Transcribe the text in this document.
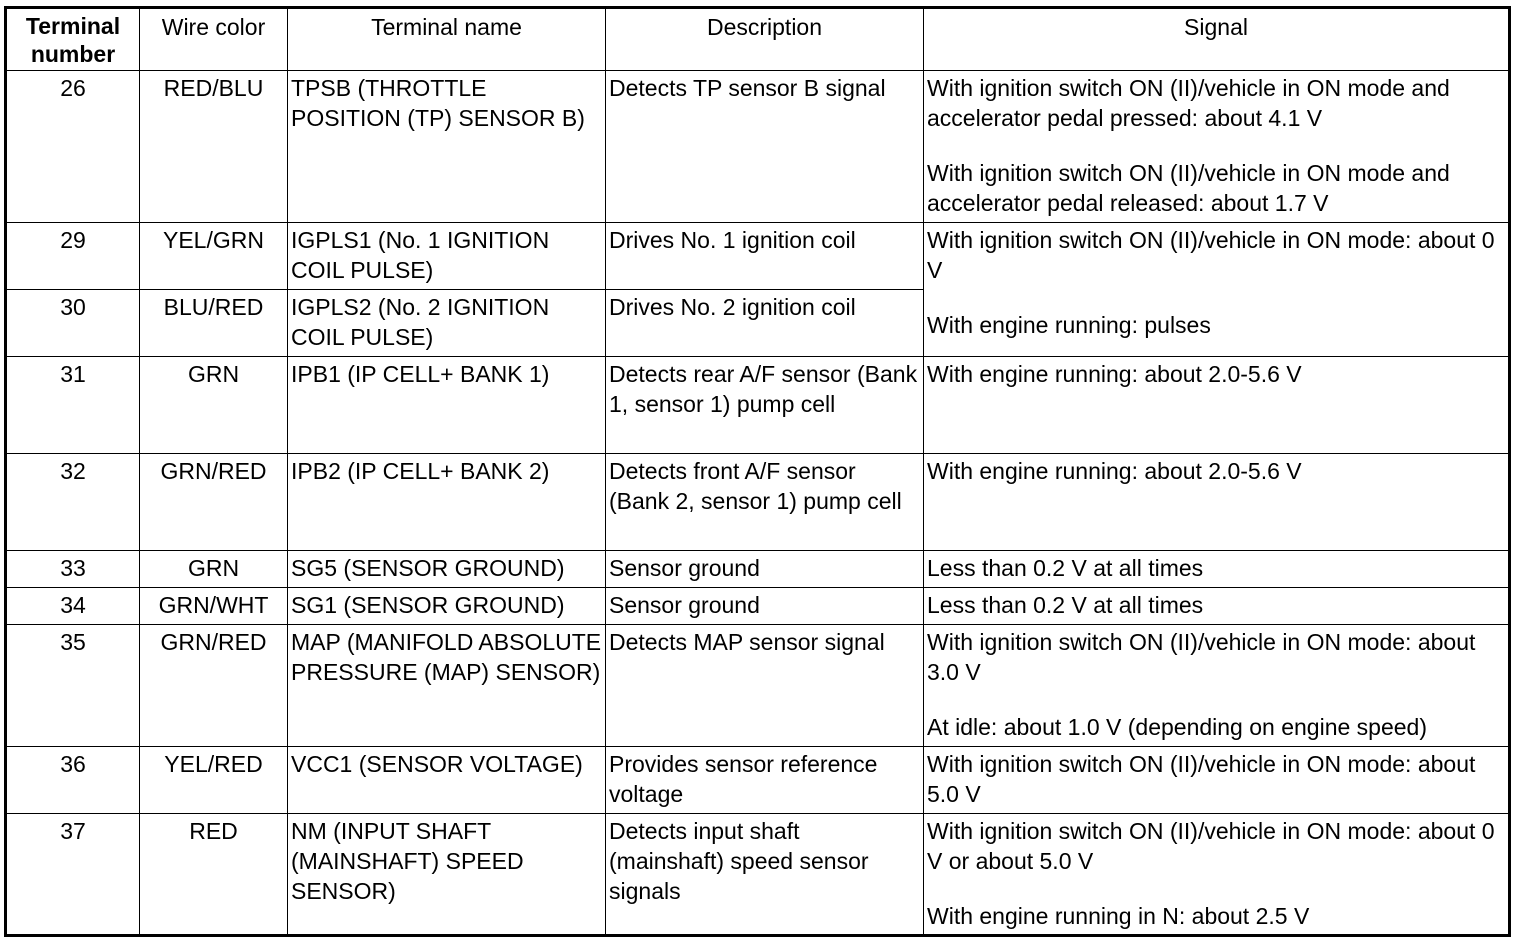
Terminal number	Wire color	Terminal name	Description	Signal
26	RED/BLU	TPSB (THROTTLE POSITION (TP) SENSOR B)	Detects TP sensor B signal	With ignition switch ON (II)/vehicle in ON mode and accelerator pedal pressed: about 4.1 V
With ignition switch ON (II)/vehicle in ON mode and accelerator pedal released: about 1.7 V

29	YEL/GRN	IGPLS1 (No. 1 IGNITION COIL PULSE)	Drives No. 1 ignition coil	With ignition switch ON (II)/vehicle in ON mode: about 0 V
With engine running: pulses

30	BLU/RED	IGPLS2 (No. 2 IGNITION COIL PULSE)	Drives No. 2 ignition coil	
31	GRN	IPB1 (IP CELL+ BANK 1)	Detects rear A/F sensor (Bank 1, sensor 1) pump cell	With engine running: about 2.0-5.6 V

32	GRN/RED	IPB2 (IP CELL+ BANK 2)	Detects front A/F sensor (Bank 2, sensor 1) pump cell	With engine running: about 2.0-5.6 V

33	GRN	SG5 (SENSOR GROUND)	Sensor ground	Less than 0.2 V at all times

34	GRN/WHT	SG1 (SENSOR GROUND)	Sensor ground	Less than 0.2 V at all times

35	GRN/RED	MAP (MANIFOLD ABSOLUTE PRESSURE (MAP) SENSOR)	Detects MAP sensor signal	With ignition switch ON (II)/vehicle in ON mode: about 3.0 V
At idle: about 1.0 V (depending on engine speed)

36	YEL/RED	VCC1 (SENSOR VOLTAGE)	Provides sensor reference voltage	With ignition switch ON (II)/vehicle in ON mode: about 5.0 V

37	RED	NM (INPUT SHAFT (MAINSHAFT) SPEED SENSOR)	Detects input shaft (mainshaft) speed sensor signals	With ignition switch ON (II)/vehicle in ON mode: about 0 V or about 5.0 V
With engine running in N: about 2.5 V
